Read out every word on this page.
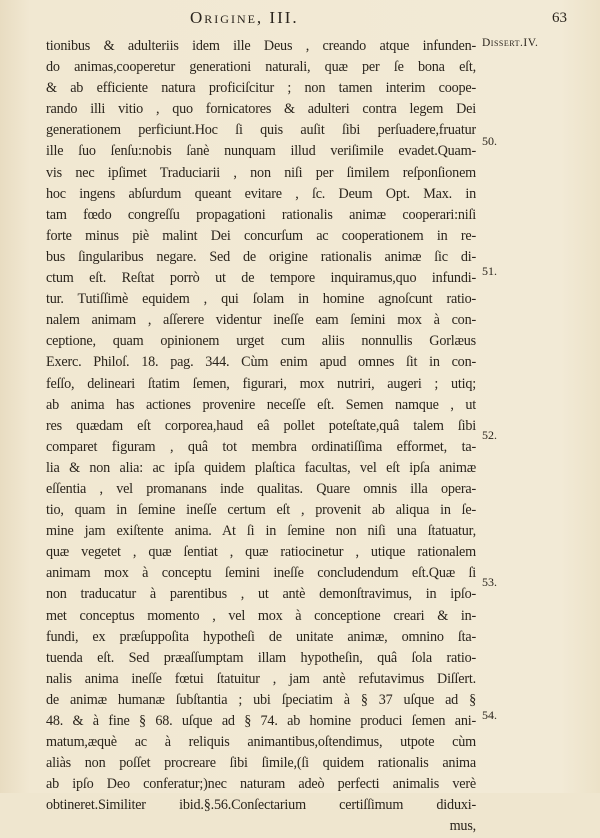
Origine, III.	63
Dissert.IV.
50.
51.
52.
53.
54.
tionibus & adulteriis idem ille Deus , creando atque infunden-
do animas,cooperetur generationi naturali, quæ per ſe bona eſt,
& ab efficiente natura proficiſcitur ; non tamen interim coope-
rando illi vitio , quo fornicatores & adulteri contra legem Dei
generationem perficiunt.Hoc ſi quis auſit ſibi perſuadere,fruatur
ille ſuo ſenſu:nobis ſanè nunquam illud veriſimile evadet.Quam-
vis nec ipſimet Traduciarii , non niſi per ſimilem reſponſionem
hoc ingens abſurdum queant evitare , ſc. Deum Opt. Max. in
tam fœdo congreſſu propagationi rationalis animæ cooperari:niſi
forte minus piè malint Dei concurſum ac cooperationem in re-
bus ſingularibus negare. Sed de origine rationalis animæ ſic di-
ctum eſt. Reſtat porrò ut de tempore inquiramus,quo infundi-
tur. Tutiſſimè equidem , qui ſolam in homine agnoſcunt ratio-
nalem animam , aſſerere videntur ineſſe eam ſemini mox à con-
ceptione, quam opinionem urget cum aliis nonnullis Gorlæus
Exerc. Philoſ. 18. pag. 344. Cùm enim apud omnes ſit in con-
feſſo, delineari ſtatim ſemen, figurari, mox nutriri, augeri ; utiq;
ab anima has actiones provenire neceſſe eſt. Semen namque , ut
res quædam eſt corporea,haud eâ pollet poteſtate,quâ talem ſibi
comparet figuram , quâ tot membra ordinatiſſima efformet, ta-
lia & non alia: ac ipſa quidem plaſtica facultas, vel eſt ipſa animæ
eſſentia , vel promanans inde qualitas. Quare omnis illa opera-
tio, quam in ſemine ineſſe certum eſt , provenit ab aliqua in ſe-
mine jam exiſtente anima. At ſi in ſemine non niſi una ſtatuatur,
quæ vegetet , quæ ſentiat , quæ ratiocinetur , utique rationalem
animam mox à conceptu ſemini ineſſe concludendum eſt.Quæ ſi
non traducatur à parentibus , ut antè demonſtravimus, in ipſo-
met conceptus momento , vel mox à conceptione creari & in-
fundi, ex præſuppoſita hypotheſi de unitate animæ, omnino ſta-
tuenda eſt. Sed præaſſumptam illam hypotheſin, quâ ſola ratio-
nalis anima ineſſe fœtui ſtatuitur , jam antè refutavimus Diſſert.
de animæ humanæ ſubſtantia ; ubi ſpeciatim à § 37 uſque ad §
48. & à fine § 68. uſque ad § 74. ab homine produci ſemen ani-
matum,æquè ac à reliquis animantibus,oſtendimus, utpote cùm
aliàs non poſſet procreare ſibi ſimile,(ſi quidem rationalis anima
ab ipſo Deo conferatur;)nec naturam adeò perfecti animalis verè
obtineret.Similiter ibid.§.56.Conſectarium certiſſimum diduxi-
mus,
